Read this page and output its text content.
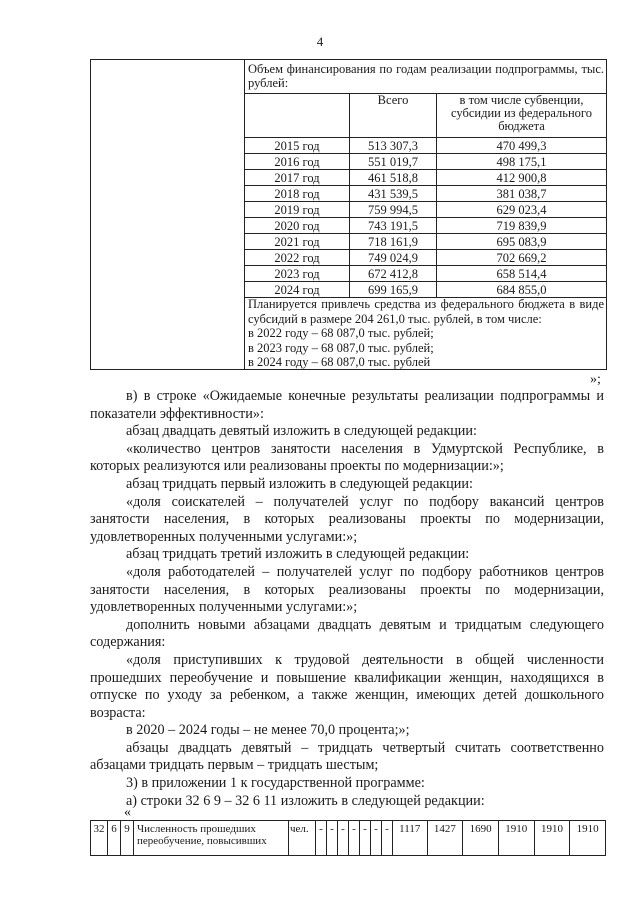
4
Объем финансирования по годам реализации подпрограммы, тыс. рублей:
	Всего	в том числе субвенции, субсидии из федерального бюджета
2015 год	513 307,3	470 499,3
2016 год	551 019,7	498 175,1
2017 год	461 518,8	412 900,8
2018 год	431 539,5	381 038,7
2019 год	759 994,5	629 023,4
2020 год	743 191,5	719 839,9
2021 год	718 161,9	695 083,9
2022 год	749 024,9	702 669,2
2023 год	672 412,8	658 514,4
2024 год	699 165,9	684 855,0
Планируется привлечь средства из федерального бюджета в виде
субсидий в размере 204 261,0 тыс. рублей, в том числе:
в 2022 году – 68 087,0 тыс. рублей;
в 2023 году – 68 087,0 тыс. рублей;
в 2024 году – 68 087,0 тыс. рублей
»;

в) в строке «Ожидаемые конечные результаты реализации подпрограммы и показатели эффективности»:

абзац двадцать девятый изложить в следующей редакции:

«количество центров занятости населения в Удмуртской Республике, в которых реализуются или реализованы проекты по модернизации:»;

абзац тридцать первый изложить в следующей редакции:

«доля соискателей – получателей услуг по подбору вакансий центров занятости населения, в которых реализованы проекты по модернизации, удовлетворенных полученными услугами:»;

абзац тридцать третий изложить в следующей редакции:

«доля работодателей – получателей услуг по подбору работников центров занятости населения, в которых реализованы проекты по модернизации, удовлетворенных полученными услугами:»;

дополнить новыми абзацами двадцать девятым и тридцатым следующего содержания:

«доля приступивших к трудовой деятельности в общей численности прошедших переобучение и повышение квалификации женщин, находящихся в отпуске по уходу за ребенком, а также женщин, имеющих детей дошкольного возраста:

в 2020 – 2024 годы – не менее 70,0 процента;»;

абзацы двадцать девятый – тридцать четвертый считать соответственно абзацами тридцать первым – тридцать шестым;

3) в приложении 1 к государственной программе:

а) строки 32 6 9 – 32 6 11 изложить в следующей редакции:

«
32	6	9	Численность прошедших переобучение, повысивших	чел.	-	-	-	-	-	-	-	1117	1427	1690	1910	1910	1910
